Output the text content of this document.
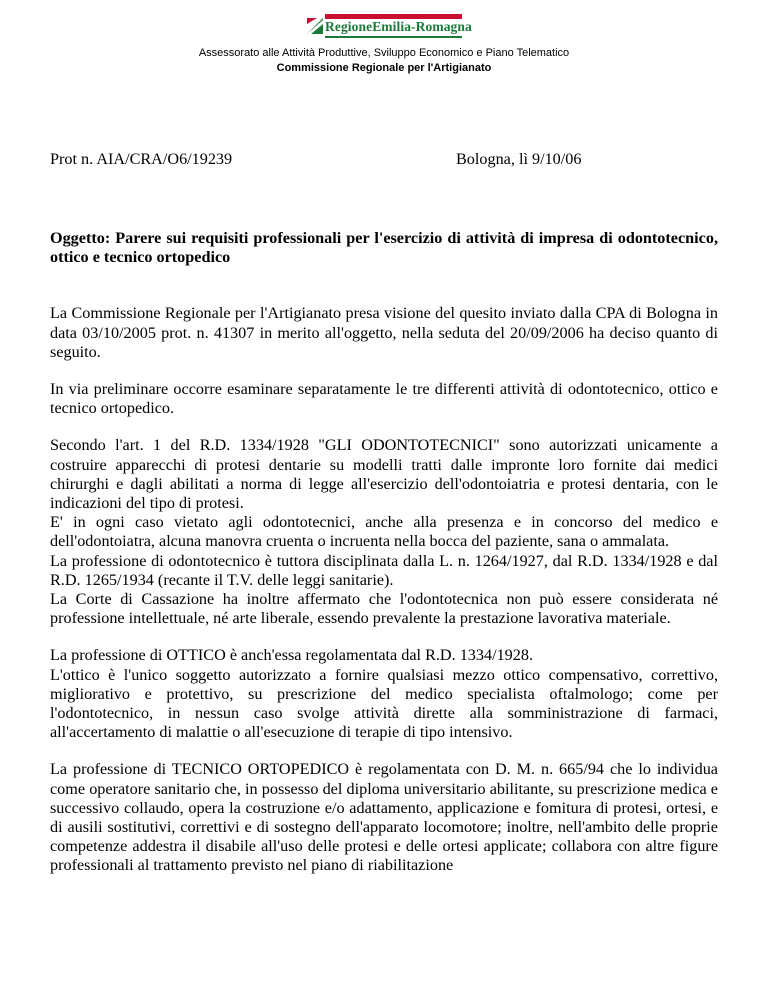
RegioneEmilia-Romagna
Assessorato alle Attività Produttive, Sviluppo Economico e Piano Telematico
Commissione Regionale per l'Artigianato
Prot n. AIA/CRA/O6/19239	Bologna, lì 9/10/06

Oggetto: Parere sui requisiti professionali per l'esercizio di attività di impresa di odontotecnico, ottico e tecnico ortopedico

La Commissione Regionale per l'Artigianato presa visione del quesito inviato dalla CPA di Bologna in data 03/10/2005 prot. n. 41307 in merito all'oggetto, nella seduta del 20/09/2006 ha deciso quanto di seguito.

In via preliminare occorre esaminare separatamente le tre differenti attività di odontotecnico, ottico e tecnico ortopedico.

Secondo l'art. 1 del R.D. 1334/1928 "GLI ODONTOTECNICI" sono autorizzati unicamente a costruire apparecchi di protesi dentarie su modelli tratti dalle impronte loro fornite dai medici chirurghi e dagli abilitati a norma di legge all'esercizio dell'odontoiatria e protesi dentaria, con le indicazioni del tipo di protesi.

E' in ogni caso vietato agli odontotecnici, anche alla presenza e in concorso del medico e dell'odontoiatra, alcuna manovra cruenta o incruenta nella bocca del paziente, sana o ammalata.

La professione di odontotecnico è tuttora disciplinata dalla L. n. 1264/1927, dal R.D. 1334/1928 e dal R.D. 1265/1934 (recante il T.V. delle leggi sanitarie).

La Corte di Cassazione ha inoltre affermato che l'odontotecnica non può essere considerata né professione intellettuale, né arte liberale, essendo prevalente la prestazione lavorativa materiale.

La professione di OTTICO è anch'essa regolamentata dal R.D. 1334/1928.

L'ottico è l'unico soggetto autorizzato a fornire qualsiasi mezzo ottico compensativo, correttivo, migliorativo e protettivo, su prescrizione del medico specialista oftalmologo; come per l'odontotecnico, in nessun caso svolge attività dirette alla somministrazione di farmaci, all'accertamento di malattie o all'esecuzione di terapie di tipo intensivo.

La professione di TECNICO ORTOPEDICO è regolamentata con D. M. n. 665/94 che lo individua come operatore sanitario che, in possesso del diploma universitario abilitante, su prescrizione medica e successivo collaudo, opera la costruzione e/o adattamento, applicazione e fomitura di protesi, ortesi, e di ausili sostitutivi, correttivi e di sostegno dell'apparato locomotore; inoltre, nell'ambito delle proprie competenze addestra il disabile all'uso delle protesi e delle ortesi applicate; collabora con altre figure professionali al trattamento previsto nel piano di riabilitazione
